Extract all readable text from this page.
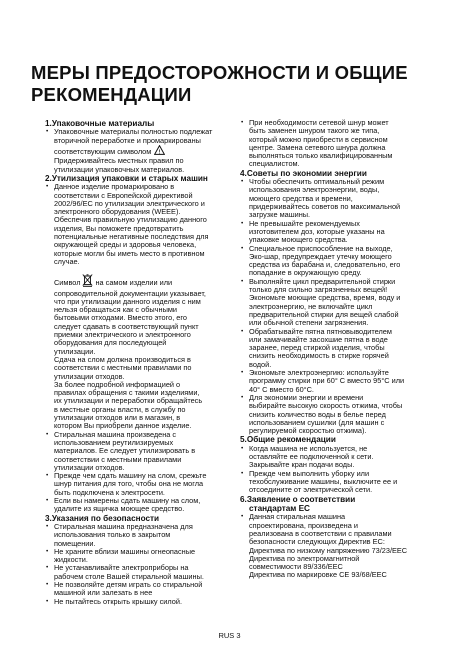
МЕРЫ ПРЕДОСТОРОЖНОСТИ И ОБЩИЕ
РЕКОМЕНДАЦИИ
1.Упаковочные материалы
• Упаковочные материалы полностью подлежат
вторичной переработке и промаркированы
соответствующим символом !
Придерживайтесь местных правил по
утилизации упаковочных материалов.
2.Утилизация упаковки и старых машин
• Данное изделие промаркировано в
соответствии с Европейской директивой
2002/96/EC по утилизации электрического и
электронного оборудования (WEEE).
Обеспечив правильную утилизацию данного
изделия, Вы поможете предотвратить
потенциальные негативные последствия для
окружающей среды и здоровья человека,
которые могли бы иметь место в противном
случае.
Символ на самом изделии или
сопроводительной документации указывает,
что при утилизации данного изделия с ним
нельзя обращаться как с обычными
бытовыми отходами. Вместо этого, его
следует сдавать в соответствующий пункт
приемки электрического и электронного
оборудования для последующей
утилизации.
Сдача на слом должна производиться в
соответствии с местными правилами по
утилизации отходов.
За более подробной информацией о
правилах обращения с такими изделиями,
их утилизации и переработки обращайтесь
в местные органы власти, в службу по
утилизации отходов или в магазин, в
котором Вы приобрели данное изделие.
• Стиральная машина произведена с
использованием реутилизируемых
материалов. Ее следует утилизировать в
соответствии с местными правилами
утилизации отходов.
• Прежде чем сдать машину на слом, срежьте
шнур питания для того, чтобы она не могла
быть подключена к электросети.
• Если вы намерены сдать машину на слом,
удалите из ящичка моющее средство.
3.Указания по безопасности
• Стиральная машина предназначена для
использования только в закрытом
помещении.
• Не храните вблизи машины огнеопасные
жидкости.
• Не устанавливайте электроприборы на
рабочем столе Вашей стиральной машины.
• Не позволяйте детям играть со стиральной
машиной или залезать в нее
• Не пытайтесь открыть крышку силой.
• При необходимости сетевой шнур может
быть заменен шнуром такого же типа,
который можно приобрести в сервисном
центре. Замена сетевого шнура должна
выполняться только квалифицированным
специалистом.
4.Советы по экономии энергии
• Чтобы обеспечить оптимальный режим
использования электроэнергии, воды,
моющего средства и времени,
придерживайтесь советов по максимальной
загрузке машины.
• Не превышайте рекомендуемых
изготовителем доз, которые указаны на
упаковке моющего средства.
• Специальное приспособление на выходе,
Эко-шар, предупреждает утечку моющего
средства из барабана и, следовательно, его
попадание в окружающую среду.
• Выполняйте цикл предварительной стирки
только для сильно загрязненных вещей!
Экономьте моющие средства, время, воду и
электроэнергию, не включайте цикл
предварительной стирки для вещей слабой
или обычной степени загрязнения.
• Обрабатывайте пятна пятновыводителем
или замачивайте засохшие пятна в воде
заранее, перед стиркой изделия, чтобы
снизить необходимость в стирке горячей
водой.
• Экономьте электроэнергию: используйте
программу стирки при 60° C вместо 95°C или
40° C вместо 60°C.
• Для экономии энергии и времени
выбирайте высокую скорость отжима, чтобы
снизить количество воды в белье перед
использованием сушилки (для машин с
регулируемой скоростью отжима).
5.Общие рекомендации
• Когда машина не используется, не
оставляйте ее подключенной к сети.
Закрывайте кран подачи воды.
• Прежде чем выполнить уборку или
техобслуживание машины, выключите ее и
отсоедините от электрической сети.
6.Заявление о соответствии
стандартам ЕС
• Данная стиральная машина
спроектирована, произведена и
реализована в соответствии с правилами
безопасности следующих Директив ЕС:
Директива по низкому напряжению 73/23/EEC
Директива по электромагнитной
совместимости 89/336/EEC
Директива по маркировке СЕ 93/68/EEC
RUS 3
